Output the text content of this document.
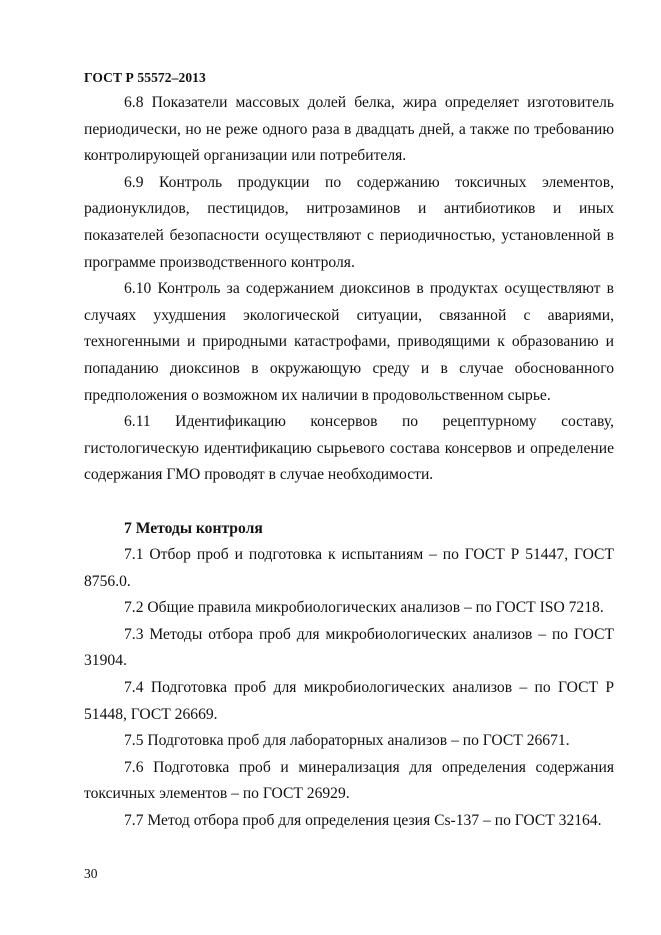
ГОСТ Р 55572–2013

6.8 Показатели массовых долей белка, жира определяет изготовитель периодически, но не реже одного раза в двадцать дней, а также по требованию контролирующей организации или потребителя.

6.9 Контроль продукции по содержанию токсичных элементов, радионуклидов, пестицидов, нитрозаминов и антибиотиков и иных показателей безопасности осуществляют с периодичностью, установленной в программе производственного контроля.

6.10 Контроль за содержанием диоксинов в продуктах осуществляют в случаях ухудшения экологической ситуации, связанной с авариями, техногенными и природными катастрофами, приводящими к образованию и попаданию диоксинов в окружающую среду и в случае обоснованного предположения о возможном их наличии в продовольственном сырье.

6.11 Идентификацию консервов по рецептурному составу, гистологическую идентификацию сырьевого состава консервов и определение содержания ГМО проводят в случае необходимости.

7 Методы контроля

7.1 Отбор проб и подготовка к испытаниям – по ГОСТ Р 51447, ГОСТ 8756.0.

7.2 Общие правила микробиологических анализов – по ГОСТ ISO 7218.

7.3 Методы отбора проб для микробиологических анализов – по ГОСТ 31904.

7.4 Подготовка проб для микробиологических анализов – по ГОСТ Р 51448, ГОСТ 26669.

7.5 Подготовка проб для лабораторных анализов – по ГОСТ 26671.

7.6 Подготовка проб и минерализация для определения содержания токсичных элементов – по ГОСТ 26929.

7.7 Метод отбора проб для определения цезия Cs-137 – по ГОСТ 32164.

30
